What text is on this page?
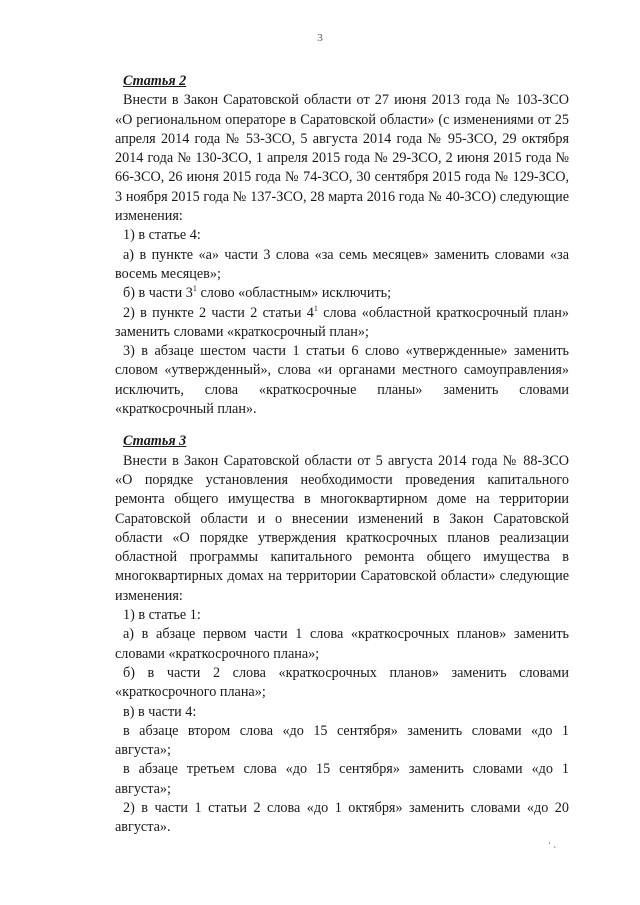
3

Статья 2

Внести в Закон Саратовской области от 27 июня 2013 года № 103-ЗСО «О региональном операторе в Саратовской области» (с изменениями от 25 апреля 2014 года № 53-ЗСО, 5 августа 2014 года № 95-ЗСО, 29 октября 2014 года № 130-ЗСО, 1 апреля 2015 года № 29-ЗСО, 2 июня 2015 года № 66-ЗСО, 26 июня 2015 года № 74-ЗСО, 30 сентября 2015 года № 129-ЗСО, 3 ноября 2015 года № 137-ЗСО, 28 марта 2016 года № 40-ЗСО) следующие изменения:

1) в статье 4:

а) в пункте «а» части 3 слова «за семь месяцев» заменить словами «за восемь месяцев»;

б) в части $3^1$ слово «областным» исключить;

2) в пункте 2 части 2 статьи $4^1$ слова «областной краткосрочный план» заменить словами «краткосрочный план»;

3) в абзаце шестом части 1 статьи 6 слово «утвержденные» заменить словом «утвержденный», слова «и органами местного самоуправления» исключить, слова «краткосрочные планы» заменить словами «краткосрочный план».

Статья 3

Внести в Закон Саратовской области от 5 августа 2014 года № 88-ЗСО «О порядке установления необходимости проведения капитального ремонта общего имущества в многоквартирном доме на территории Саратовской области и о внесении изменений в Закон Саратовской области «О порядке утверждения краткосрочных планов реализации областной программы капитального ремонта общего имущества в многоквартирных домах на территории Саратовской области» следующие изменения:

1) в статье 1:

а) в абзаце первом части 1 слова «краткосрочных планов» заменить словами «краткосрочного плана»;

б) в части 2 слова «краткосрочных планов» заменить словами «краткосрочного плана»;

в) в части 4:

в абзаце втором слова «до 15 сентября» заменить словами «до 1 августа»;

в абзаце третьем слова «до 15 сентября» заменить словами «до 1 августа»;

2) в части 1 статьи 2 слова «до 1 октября» заменить словами «до 20 августа».

· ˎ
